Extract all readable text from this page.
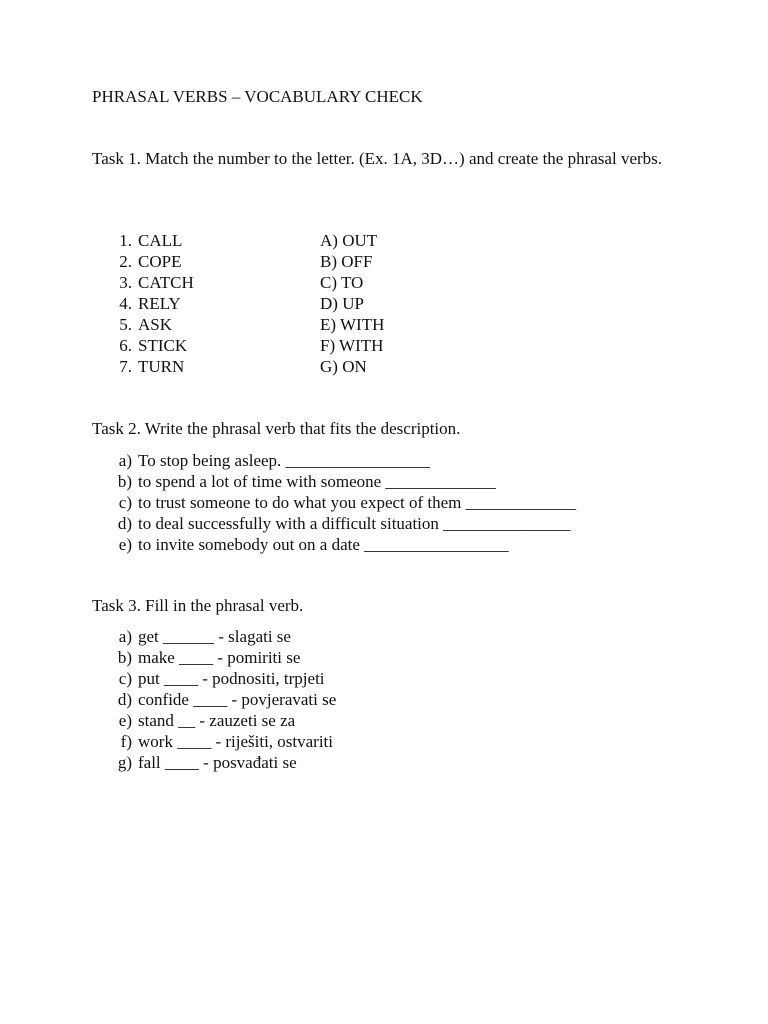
PHRASAL VERBS – VOCABULARY CHECK

Task 1. Match the number to the letter. (Ex. 1A, 3D…) and create the phrasal verbs.

1. CALL
2. COPE
3. CATCH
4. RELY
5. ASK
6. STICK
7. TURN
A) OUT
B) OFF
C) TO
D) UP
E) WITH
F) WITH
G) ON

Task 2. Write the phrasal verb that fits the description.

a) To stop being asleep. _________________
b) to spend a lot of time with someone _____________
c) to trust someone to do what you expect of them _____________
d) to deal successfully with a difficult situation _______________
e) to invite somebody out on a date _________________

Task 3. Fill in the phrasal verb.

a) get ______ - slagati se
b) make ____ - pomiriti se
c) put ____ - podnositi, trpjeti
d) confide ____ - povjeravati se
e) stand __ - zauzeti se za
f) work ____ - riješiti, ostvariti
g) fall ____ - posvađati se
